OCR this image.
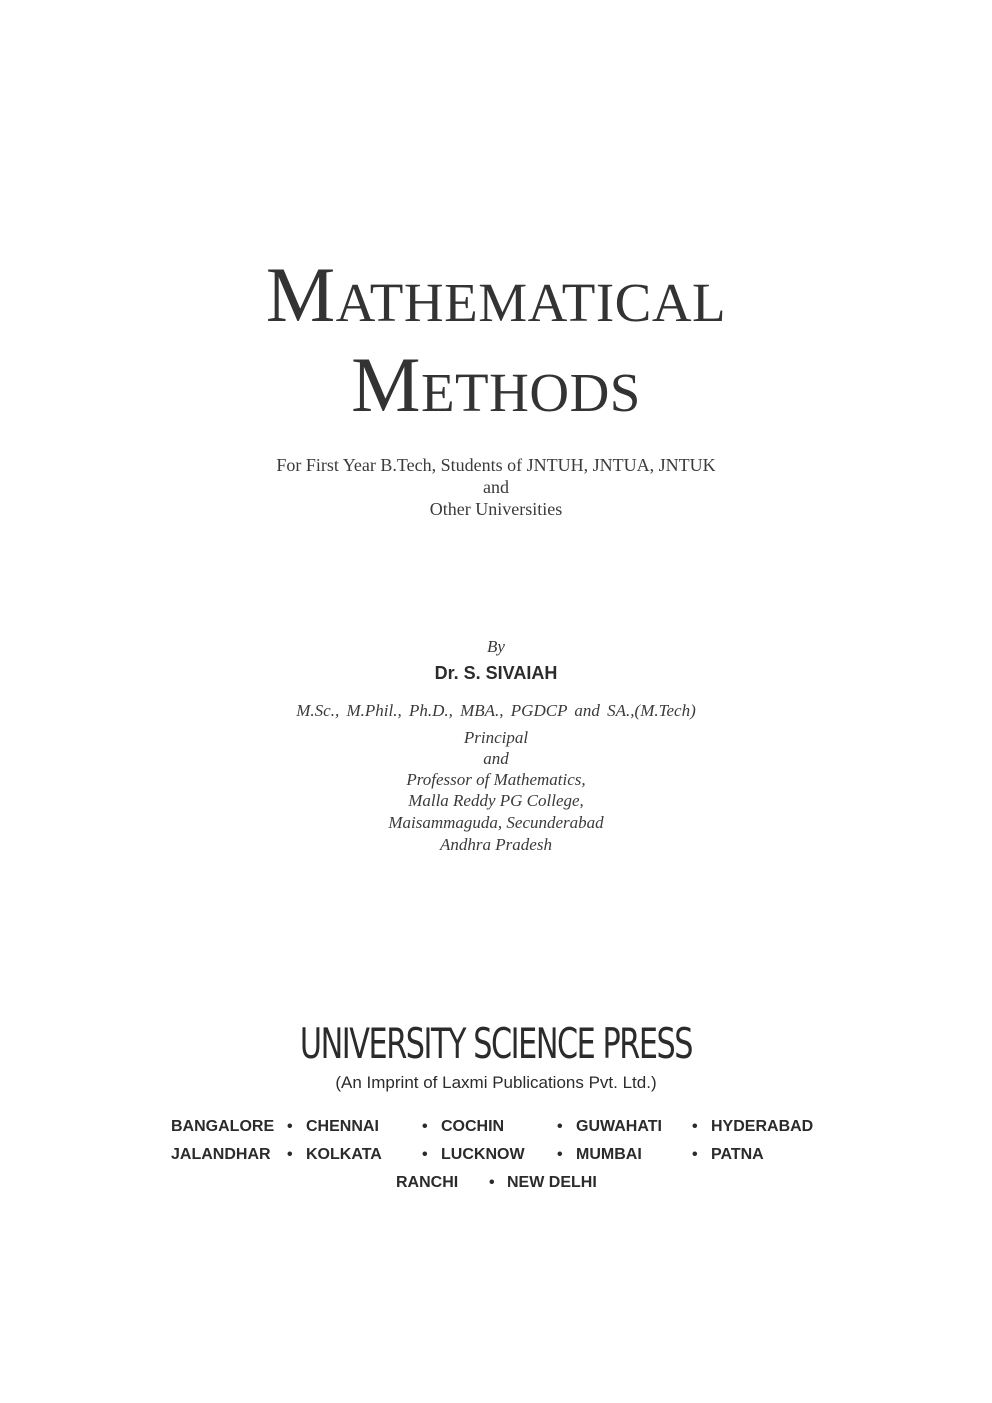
Mathematical
Methods
For First Year B.Tech, Students of JNTUH, JNTUA, JNTUK
and
Other Universities
By
Dr. S. SIVAIAH
M.Sc., M.Phil., Ph.D., MBA., PGDCP and SA.,(M.Tech)
Principal
and
Professor of Mathematics,
Malla Reddy PG College,
Maisammaguda, Secunderabad
Andhra Pradesh
UNIVERSITY SCIENCE PRESS
(An Imprint of Laxmi Publications Pvt. Ltd.)
BANGALORE • CHENNAI	• COCHIN	• GUWAHATI • HYDERABAD
JALANDHAR • KOLKATA	• LUCKNOW • MUMBAI	• PATNA
RANCHI • NEW DELHI
